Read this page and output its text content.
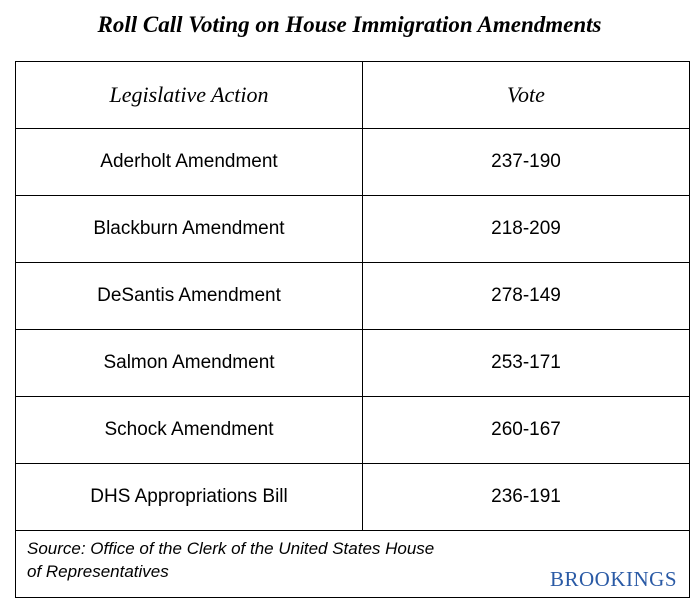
Roll Call Voting on House Immigration Amendments
Legislative Action	Vote
Aderholt Amendment	237-190
Blackburn Amendment	218-209
DeSantis Amendment	278-149
Salmon Amendment	253-171
Schock Amendment	260-167
DHS Appropriations Bill	236-191
Source: Office of the Clerk of the United States House
of Representatives	BROOKINGS
